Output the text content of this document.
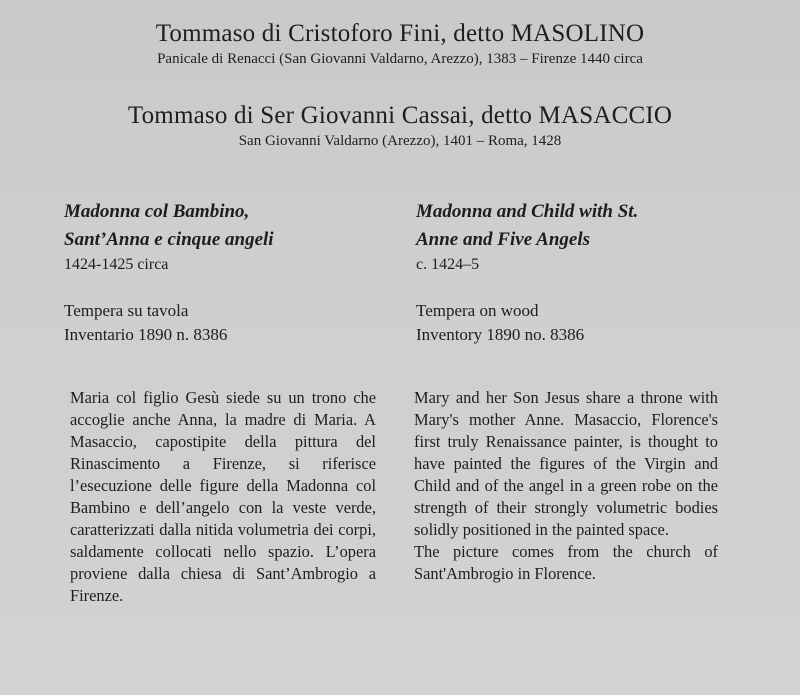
Tommaso di Cristoforo Fini, detto MASOLINO
Panicale di Renacci (San Giovanni Valdarno, Arezzo), 1383 – Firenze 1440 circa
Tommaso di Ser Giovanni Cassai, detto MASACCIO
San Giovanni Valdarno (Arezzo), 1401 – Roma, 1428
Madonna col Bambino,
Sant’Anna e cinque angeli
1424-1425 circa
Tempera su tavola
Inventario 1890 n. 8386
Madonna and Child with St.
Anne and Five Angels
c. 1424–5
Tempera on wood
Inventory 1890 no. 8386

Maria col figlio Gesù siede su un trono che accoglie anche Anna, la madre di Maria. A Masaccio, capostipite della pittura del Rinascimento a Firenze, si riferisce l’esecuzione delle figure della Madonna col Bambino e dell’angelo con la veste verde, caratterizzati dalla nitida volumetria dei corpi, saldamente collocati nello spazio. L’opera proviene dalla chiesa di Sant’Ambrogio a Firenze.

Mary and her Son Jesus share a throne with Mary's mother Anne. Masaccio, Florence's first truly Renaissance painter, is thought to have painted the figures of the Virgin and Child and of the angel in a green robe on the strength of their strongly volumetric bodies solidly positioned in the painted space.

The picture comes from the church of Sant'Ambrogio in Florence.
